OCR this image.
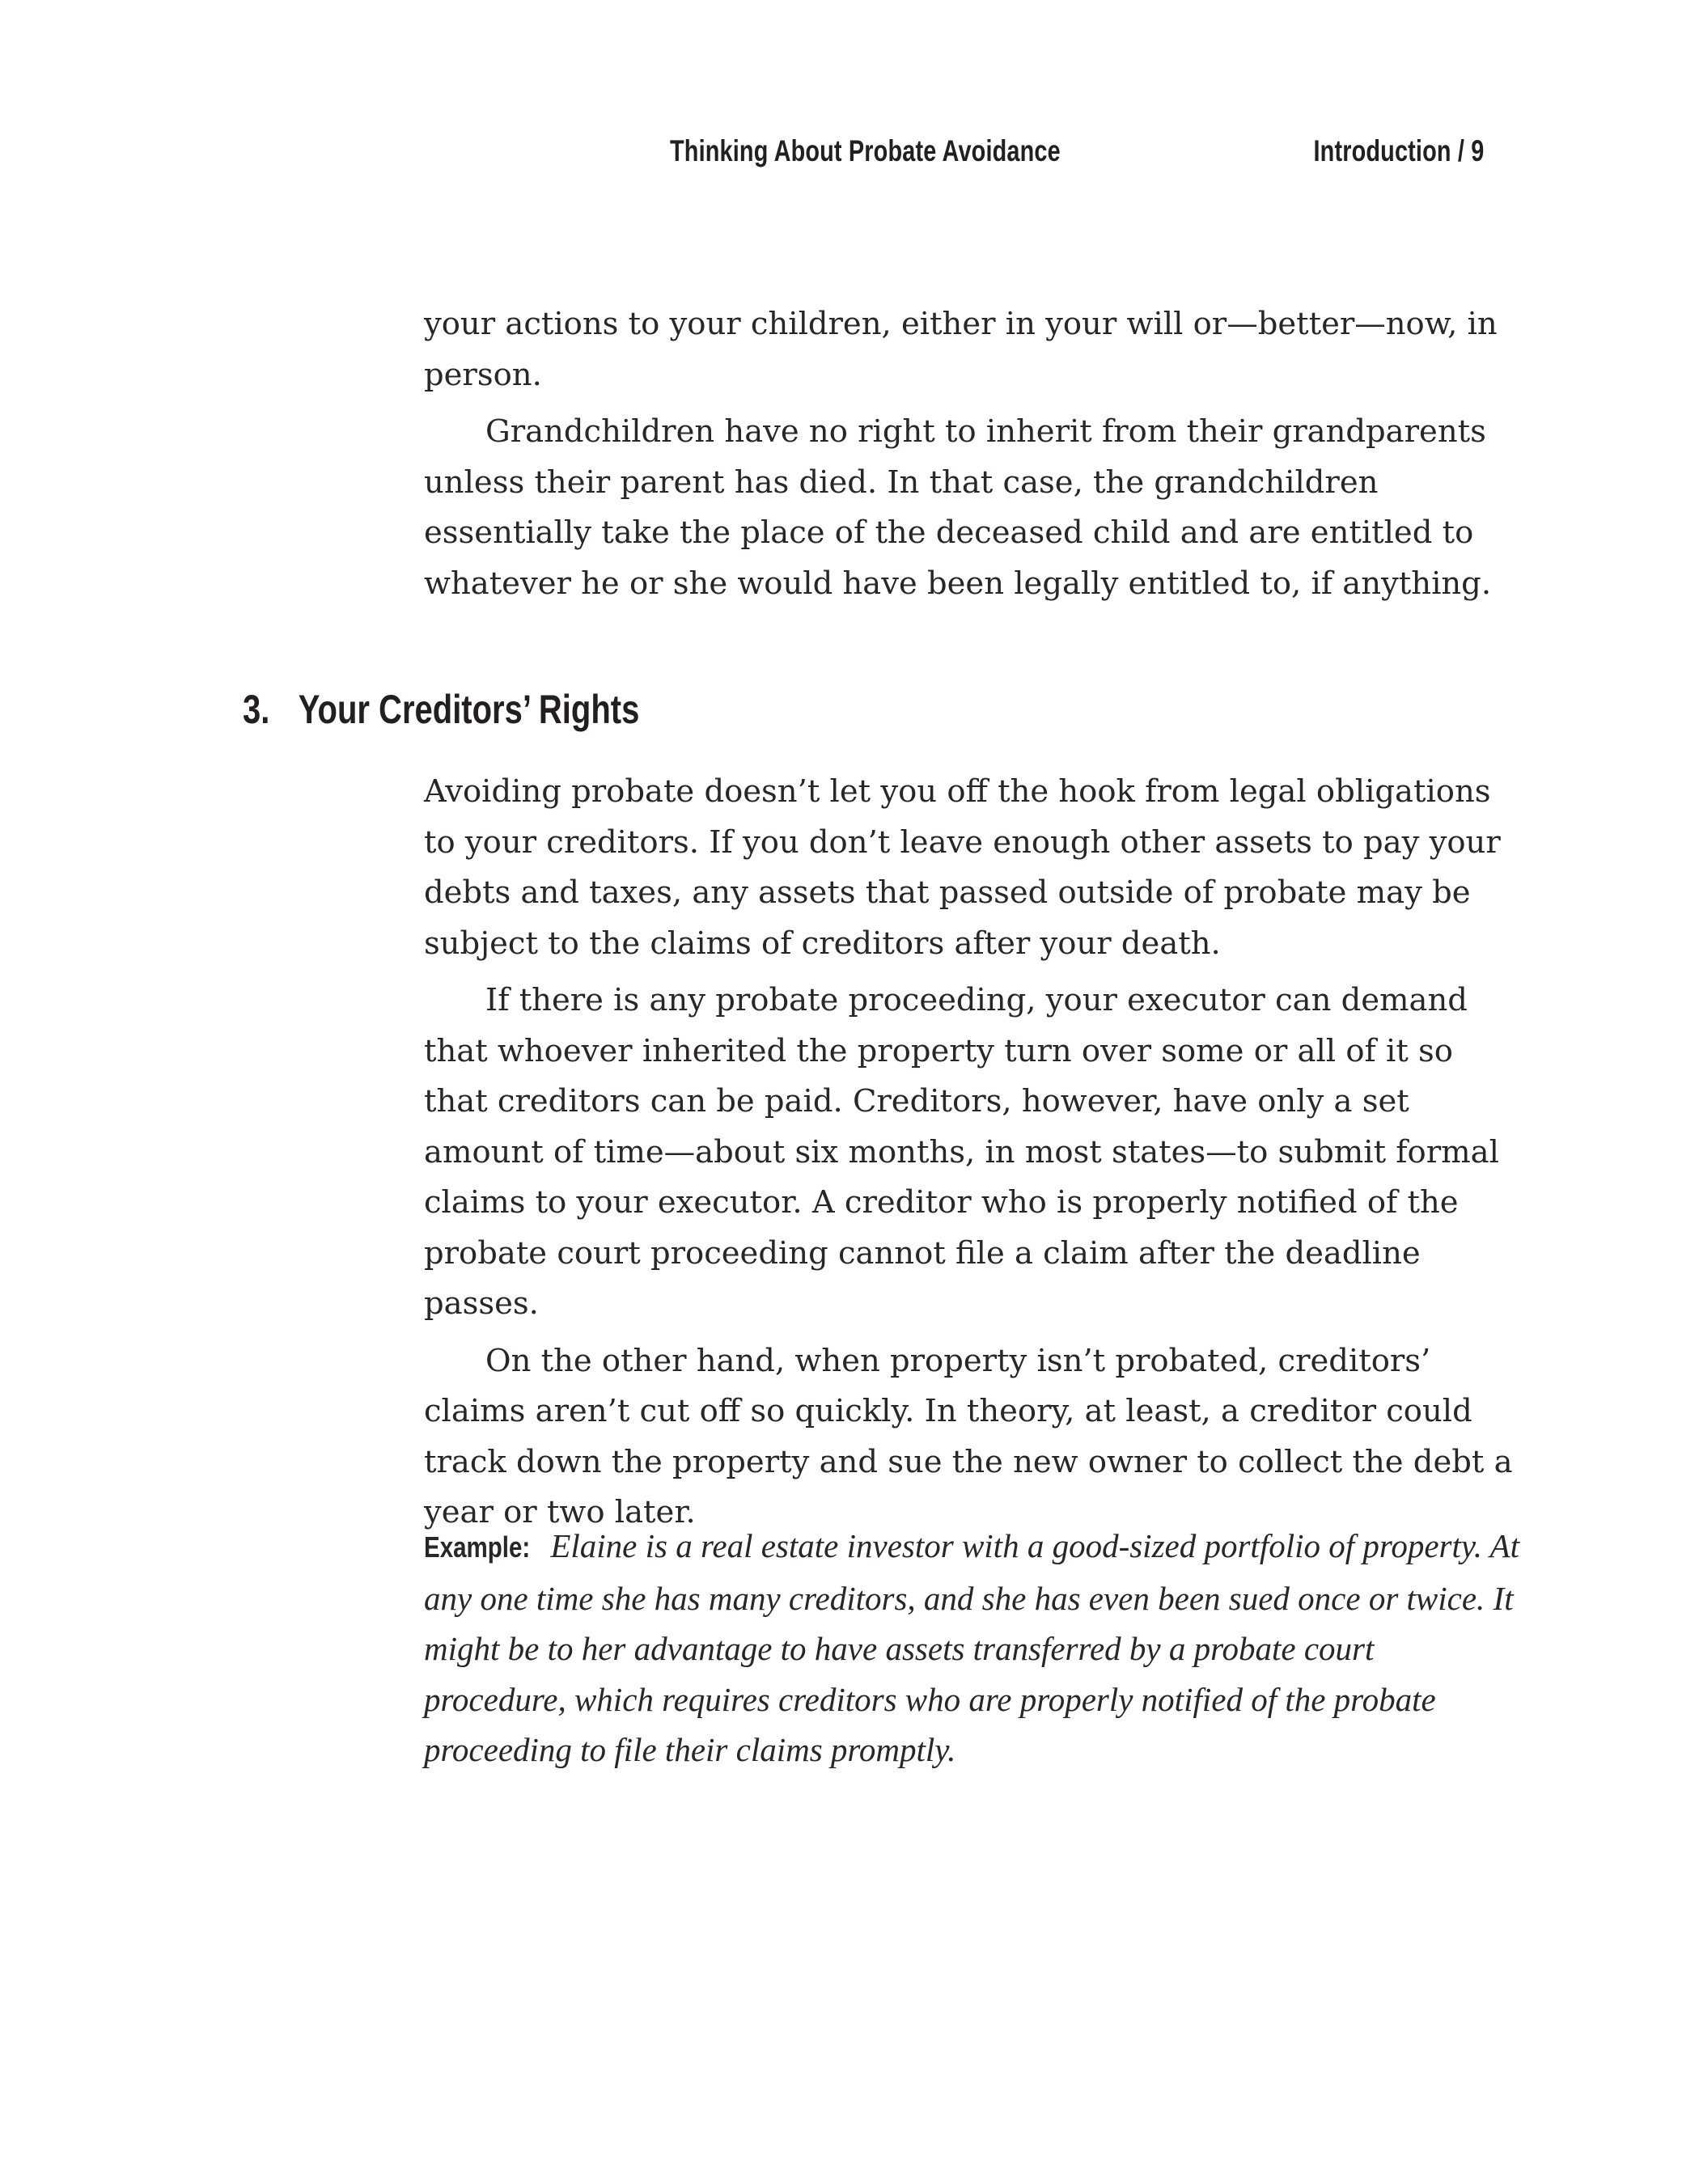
Thinking About Probate Avoidance	Introduction / 9

your actions to your children, either in your will or—better—now, in person.

Grandchildren have no right to inherit from their grandparents unless their parent has died. In that case, the grandchildren essentially take the place of the deceased child and are entitled to whatever he or she would have been legally entitled to, if anything.

3. Your Creditors’ Rights

Avoiding probate doesn’t let you off the hook from legal obligations to your creditors. If you don’t leave enough other assets to pay your debts and taxes, any assets that passed outside of probate may be subject to the claims of creditors after your death.

If there is any probate proceeding, your executor can demand that whoever inherited the property turn over some or all of it so that creditors can be paid. Creditors, however, have only a set amount of time—about six months, in most states—to submit formal claims to your executor. A creditor who is properly notified of the probate court proceeding cannot file a claim after the deadline passes.

On the other hand, when property isn’t probated, creditors’ claims aren’t cut off so quickly. In theory, at least, a creditor could track down the property and sue the new owner to collect the debt a year or two later.

Example: Elaine is a real estate investor with a good-sized portfolio of property. At any one time she has many creditors, and she has even been sued once or twice. It might be to her advantage to have assets transferred by a probate court procedure, which requires creditors who are properly notified of the probate proceeding to file their claims promptly.
